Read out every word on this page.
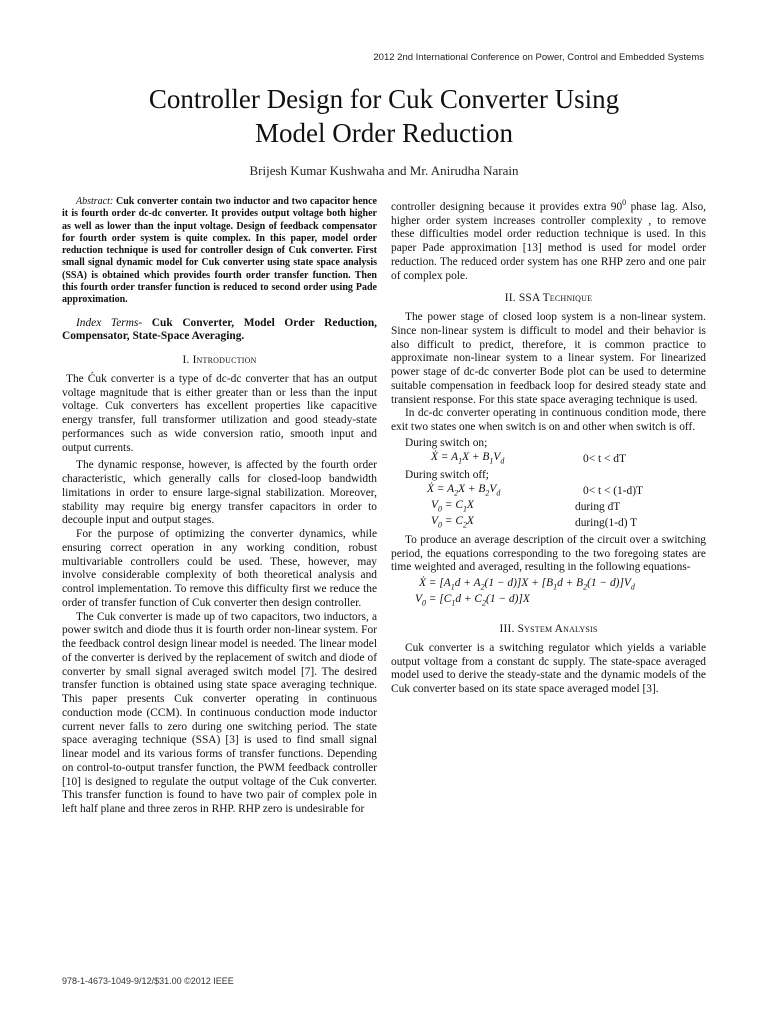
2012 2nd International Conference on Power, Control and Embedded Systems
Controller Design for Cuk Converter Using
Model Order Reduction
Brijesh Kumar Kushwaha and Mr. Anirudha Narain

Abstract: Cuk converter contain two inductor and two capacitor hence it is fourth order dc-dc converter. It provides output voltage both higher as well as lower than the input voltage. Design of feedback compensator for fourth order system is quite complex. In this paper, model order reduction technique is used for controller design of Cuk converter. First small signal dynamic model for Cuk converter using state space analysis (SSA) is obtained which provides fourth order transfer function. Then this fourth order transfer function is reduced to second order using Pade approximation.

Index Terms- Cuk Converter, Model Order Reduction, Compensator, State-Space Averaging.

I. Introduction

The Ćuk converter is a type of dc-dc converter that has an output voltage magnitude that is either greater than or less than the input voltage. Cuk converters has excellent properties like capacitive energy transfer, full transformer utilization and good steady-state performances such as wide conversion ratio, smooth input and output currents.

The dynamic response, however, is affected by the fourth order characteristic, which generally calls for closed-loop bandwidth limitations in order to ensure large-signal stabilization. Moreover, stability may require big energy transfer capacitors in order to decouple input and output stages.

For the purpose of optimizing the converter dynamics, while ensuring correct operation in any working condition, robust multivariable controllers could be used. These, however, may involve considerable complexity of both theoretical analysis and control implementation. To remove this difficulty first we reduce the order of transfer function of Cuk converter then design controller.

The Cuk converter is made up of two capacitors, two inductors, a power switch and diode thus it is fourth order non-linear system. For the feedback control design linear model is needed. The linear model of the converter is derived by the replacement of switch and diode of converter by small signal averaged switch model [7]. The desired transfer function is obtained using state space averaging technique. This paper presents Cuk converter operating in continuous conduction mode (CCM). In continuous conduction mode inductor current never falls to zero during one switching period. The state space averaging technique (SSA) [3] is used to find small signal linear model and its various forms of transfer functions. Depending on control-to-output transfer function, the PWM feedback controller [10] is designed to regulate the output voltage of the Cuk converter. This transfer function is found to have two pair of complex pole in left half plane and three zeros in RHP. RHP zero is undesirable for

controller designing because it provides extra $90^0$ phase lag. Also, higher order system increases controller complexity , to remove these difficulties model order reduction technique is used. In this paper Pade approximation [13] method is used for model order reduction. The reduced order system has one RHP zero and one pair of complex pole.

II. SSA Technique

The power stage of closed loop system is a non-linear system. Since non-linear system is difficult to model and their behavior is also difficult to predict, therefore, it is common practice to approximate non-linear system to a linear system. For linearized power stage of dc-dc converter Bode plot can be used to determine suitable compensation in feedback loop for desired steady state and transient response. For this state space averaging technique is used.

In dc-dc converter operating in continuous condition mode, there exit two states one when switch is on and other when switch is off.

During switch on;
Ẋ = $A_1X + B_1V_d$	0< t < dT
During switch off;
Ẋ = $A_2X + B_2V_d$	0< t < (1-d)T
$V_0 = C_1X$	during dT
$V_0 = C_2X$	during(1-d) T

To produce an average description of the circuit over a switching period, the equations corresponding to the two foregoing states are time weighted and averaged, resulting in the following equations-

Ẋ = $[A_1d + A_2(1 - d)]X + [B_1d + B_2(1 - d)]V_d$
$V_0 = [C_1d + C_2(1 - d)]X$
III. System Analysis

Cuk converter is a switching regulator which yields a variable output voltage from a constant dc supply. The state-space averaged model used to derive the steady-state and the dynamic models of the Cuk converter based on its state space averaged model [3].

978-1-4673-1049-9/12/$31.00 ©2012 IEEE
